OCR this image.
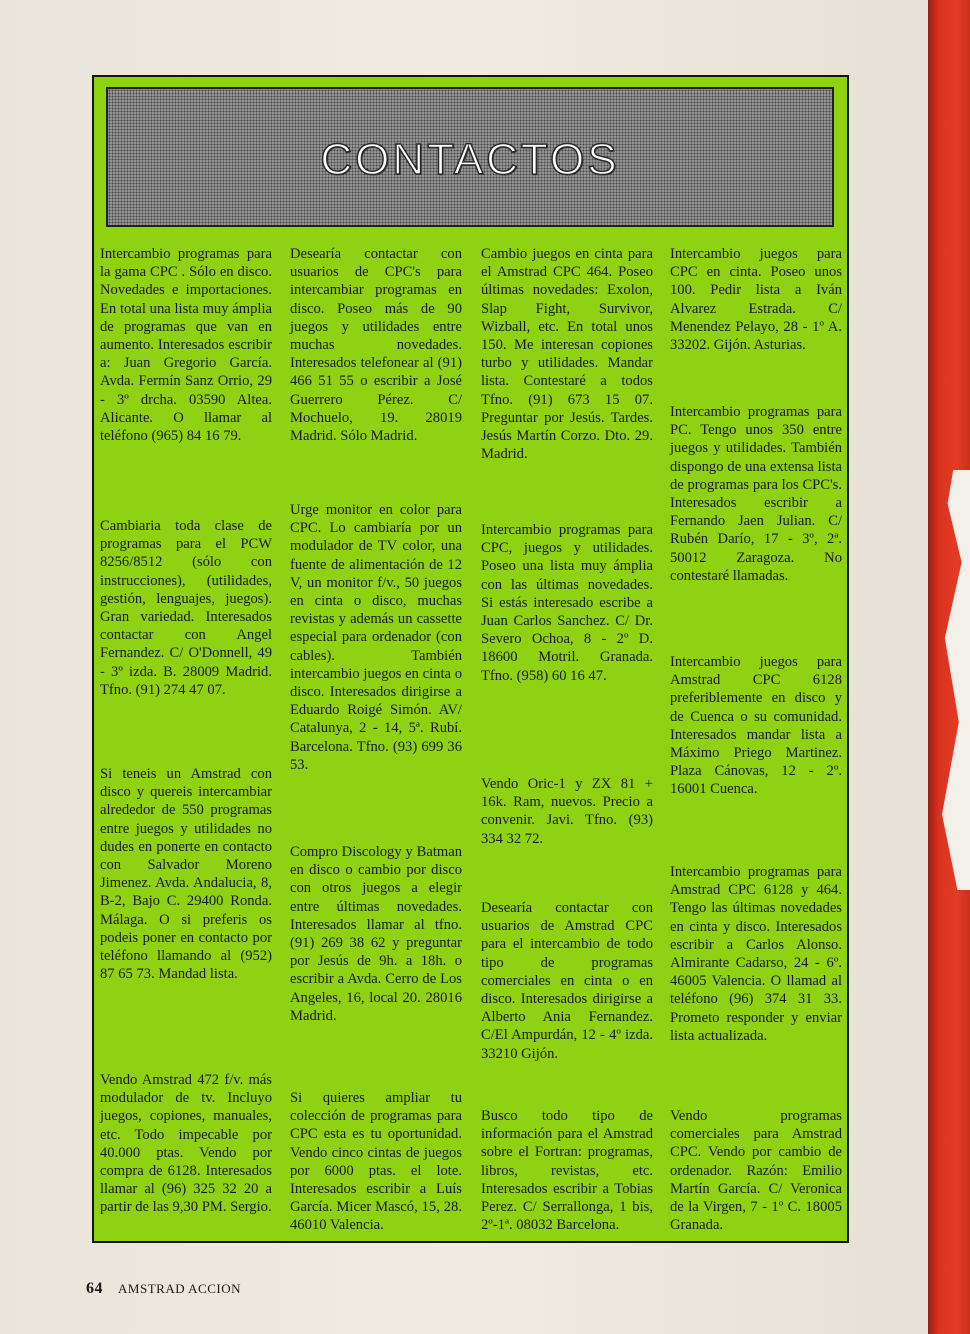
CONTACTOS

Intercambio programas para la gama CPC . Sólo en disco. Novedades e importaciones. En total una lista muy ámplia de programas que van en aumento. Interesados escribir a: Juan Gregorio García. Avda. Fermín Sanz Orrio, 29 - 3º drcha. 03590 Altea. Alicante. O llamar al teléfono (965) 84 16 79.

Cambiaria toda clase de programas para el PCW 8256/8512 (sólo con instrucciones), (utilidades, gestión, lenguajes, juegos). Gran variedad. Interesados contactar con Angel Fernandez. C/ O'Donnell, 49 - 3º izda. B. 28009 Madrid. Tfno. (91) 274 47 07.

Si teneis un Amstrad con disco y quereis intercambiar alrededor de 550 programas entre juegos y utilidades no dudes en ponerte en contacto con Salvador Moreno Jimenez. Avda. Andalucia, 8, B-2, Bajo C. 29400 Ronda. Málaga. O si preferis os podeis poner en contacto por teléfono llamando al (952) 87 65 73. Mandad lista.

Vendo Amstrad 472 f/v. más modulador de tv. Incluyo juegos, copiones, manuales, etc. Todo impecable por 40.000 ptas. Vendo por compra de 6128. Interesados llamar al (96) 325 32 20 a partir de las 9,30 PM. Sergio.

Desearía contactar con usuarios de CPC's para intercambiar programas en disco. Poseo más de 90 juegos y utilidades entre muchas novedades. Interesados telefonear al (91) 466 51 55 o escribir a José Guerrero Pérez. C/ Mochuelo, 19. 28019 Madrid. Sólo Madrid.

Urge monitor en color para CPC. Lo cambiaría por un modulador de TV color, una fuente de alimentación de 12 V, un monitor f/v., 50 juegos en cinta o disco, muchas revistas y además un cassette especial para ordenador (con cables). También intercambio juegos en cinta o disco. Interesados dirigirse a Eduardo Roigé Simón. AV/ Catalunya, 2 - 14, 5ª. Rubí. Barcelona. Tfno. (93) 699 36 53.

Compro Discology y Batman en disco o cambio por disco con otros juegos a elegir entre últimas novedades. Interesados llamar al tfno. (91) 269 38 62 y preguntar por Jesús de 9h. a 18h. o escribir a Avda. Cerro de Los Angeles, 16, local 20. 28016 Madrid.

Si quieres ampliar tu colección de programas para CPC esta es tu oportunidad. Vendo cinco cintas de juegos por 6000 ptas. el lote. Interesados escribir a Luís García. Micer Mascó, 15, 28. 46010 Valencia.

Cambio juegos en cinta para el Amstrad CPC 464. Poseo últimas novedades: Exolon, Slap Fight, Survivor, Wizball, etc. En total unos 150. Me interesan copiones turbo y utilidades. Mandar lista. Contestaré a todos Tfno. (91) 673 15 07. Preguntar por Jesús. Tardes. Jesús Martín Corzo. Dto. 29. Madrid.

Intercambio programas para CPC, juegos y utilidades. Poseo una lista muy ámplia con las últimas novedades. Si estás interesado escribe a Juan Carlos Sanchez. C/ Dr. Severo Ochoa, 8 - 2º D. 18600 Motril. Granada. Tfno. (958) 60 16 47.

Vendo Oric-1 y ZX 81 + 16k. Ram, nuevos. Precio a convenir. Javi. Tfno. (93) 334 32 72.

Desearía contactar con usuarios de Amstrad CPC para el intercambio de todo tipo de programas comerciales en cinta o en disco. Interesados dirigirse a Alberto Ania Fernandez. C/El Ampurdán, 12 - 4º izda. 33210 Gijón.

Busco todo tipo de información para el Amstrad sobre el Fortran: programas, libros, revistas, etc. Interesados escribir a Tobias Perez. C/ Serrallonga, 1 bis, 2º-1ª. 08032 Barcelona.

Intercambio juegos para CPC en cinta. Poseo unos 100. Pedir lista a Iván Alvarez Estrada. C/ Menendez Pelayo, 28 - 1º A. 33202. Gijón. Asturias.

Intercambio programas para PC. Tengo unos 350 entre juegos y utilidades. También dispongo de una extensa lista de programas para los CPC's. Interesados escribir a Fernando Jaen Julian. C/ Rubén Darío, 17 - 3º, 2ª. 50012 Zaragoza. No contestaré llamadas.

Intercambio juegos para Amstrad CPC 6128 preferiblemente en disco y de Cuenca o su comunidad. Interesados mandar lista a Máximo Priego Martinez. Plaza Cánovas, 12 - 2º. 16001 Cuenca.

Intercambio programas para Amstrad CPC 6128 y 464. Tengo las últimas novedades en cinta y disco. Interesados escribir a Carlos Alonso. Almirante Cadarso, 24 - 6º. 46005 Valencia. O llamad al teléfono (96) 374 31 33. Prometo responder y enviar lista actualizada.

Vendo programas comerciales para Amstrad CPC. Vendo por cambio de ordenador. Razón: Emilio Martín García. C/ Veronica de la Virgen, 7 - 1º C. 18005 Granada.

64 AMSTRAD ACCION
